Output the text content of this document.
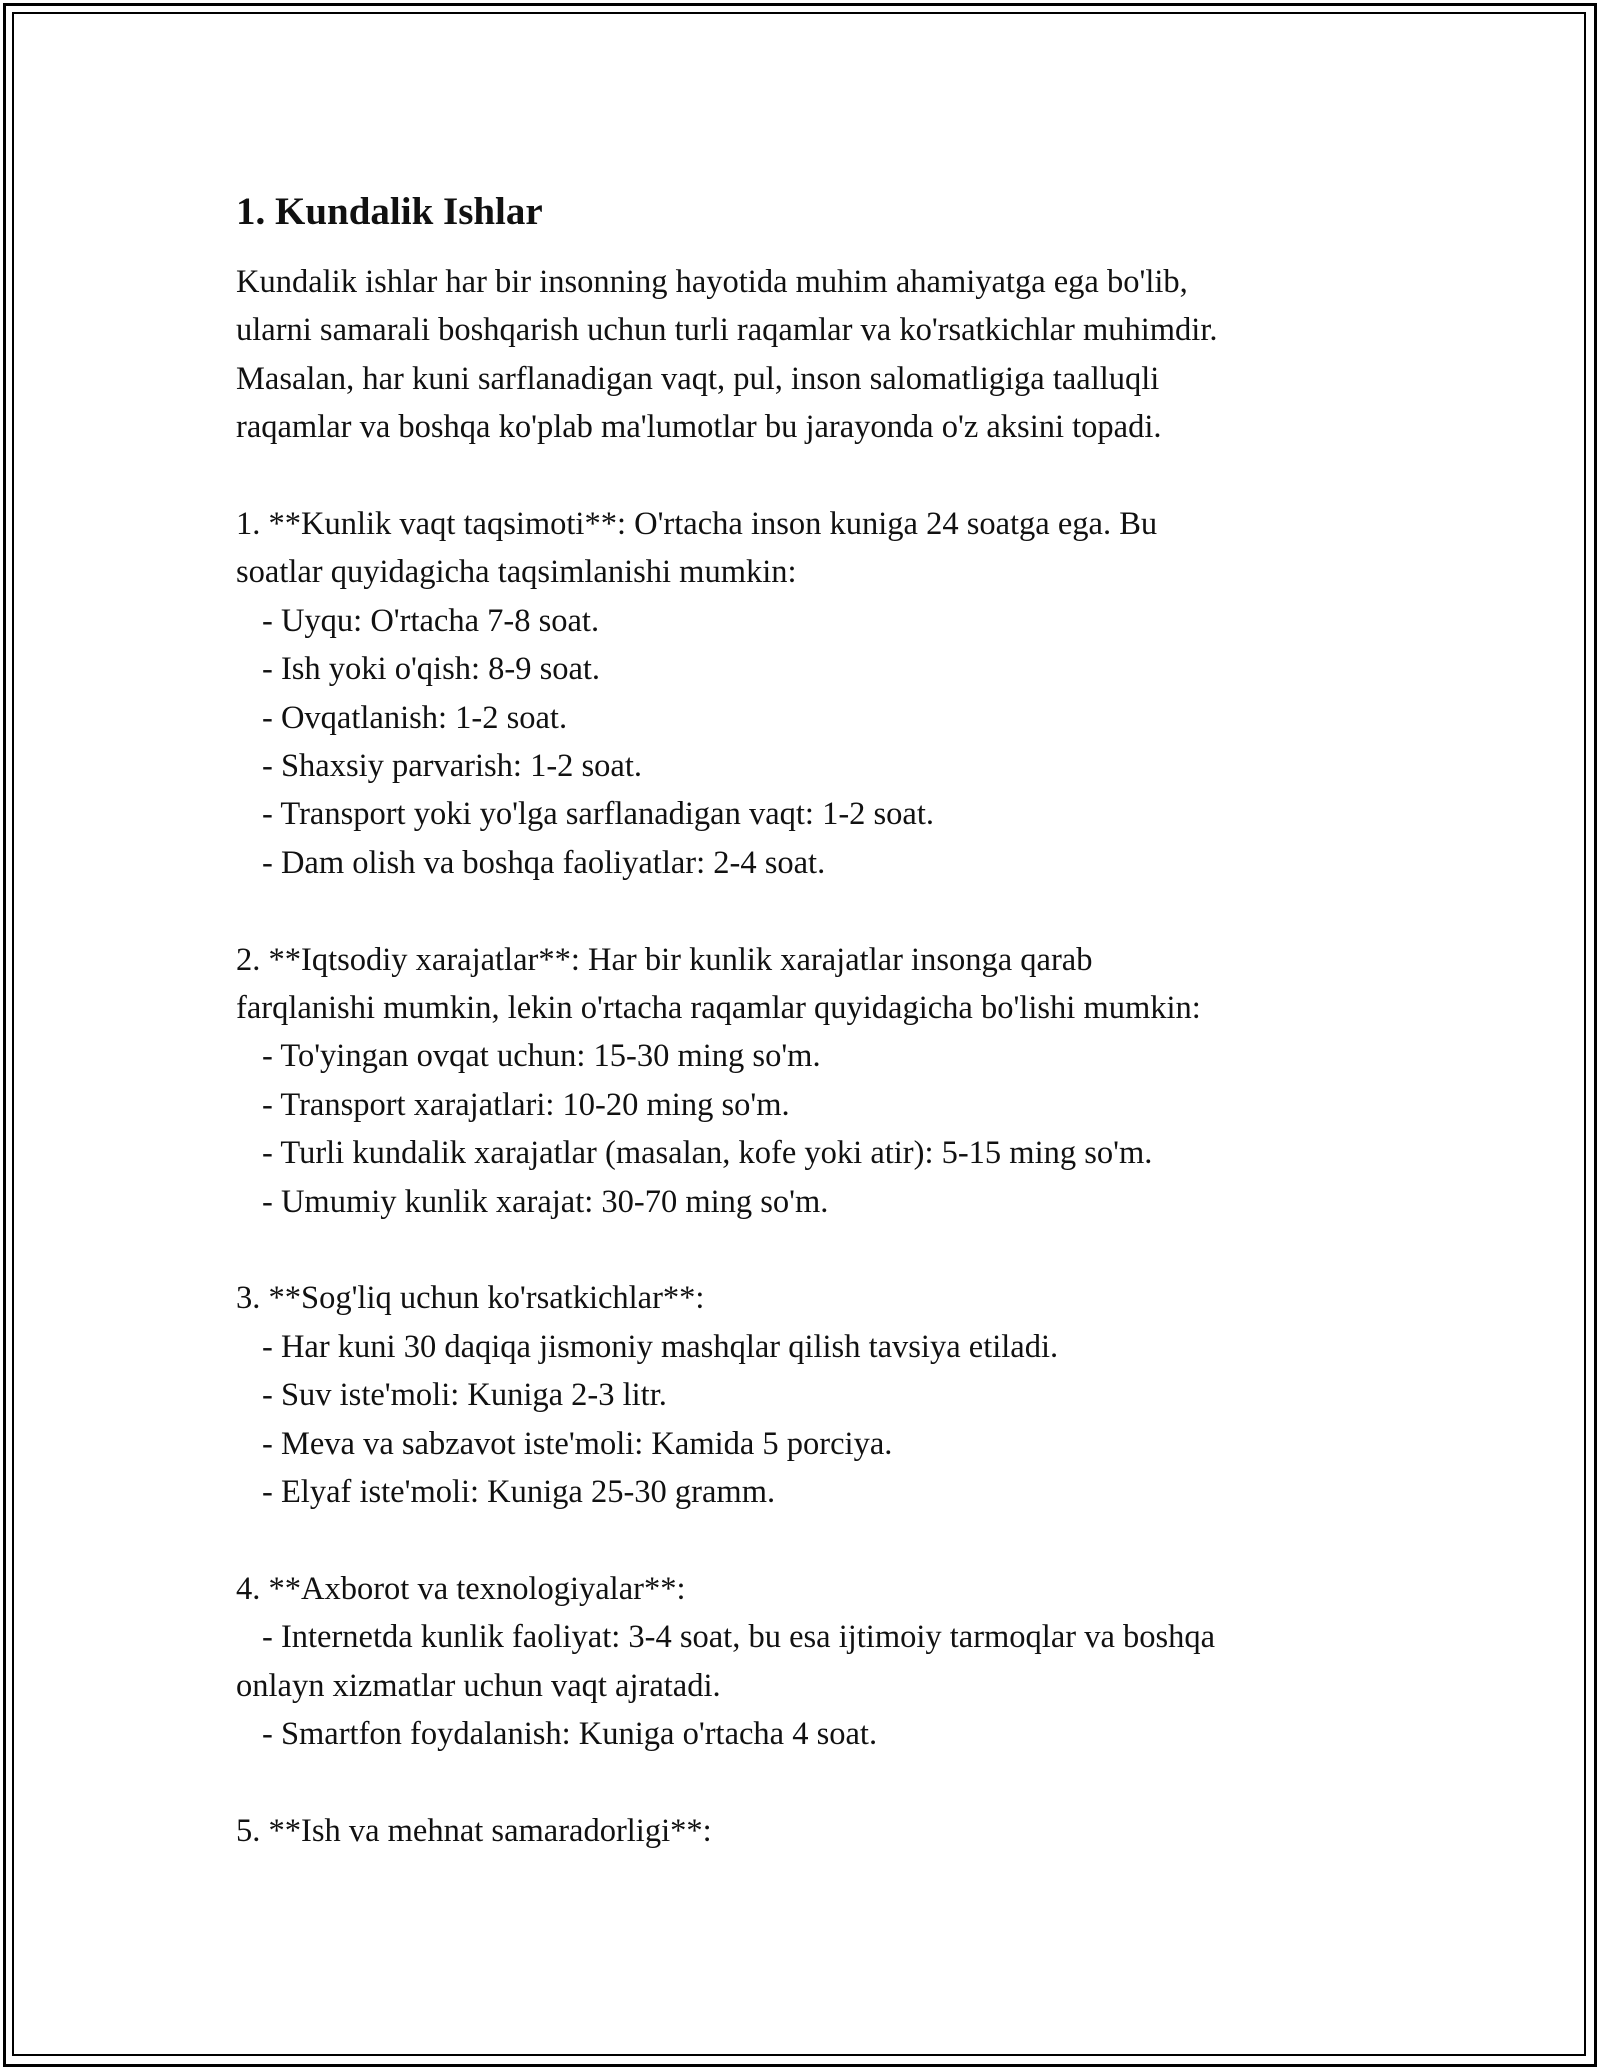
1. Kundalik Ishlar
Kundalik ishlar har bir insonning hayotida muhim ahamiyatga ega bo'lib,
ularni samarali boshqarish uchun turli raqamlar va ko'rsatkichlar muhimdir.
Masalan, har kuni sarflanadigan vaqt, pul, inson salomatligiga taalluqli
raqamlar va boshqa ko'plab ma'lumotlar bu jarayonda o'z aksini topadi.
1. **Kunlik vaqt taqsimoti**: O'rtacha inson kuniga 24 soatga ega. Bu
soatlar quyidagicha taqsimlanishi mumkin:
- Uyqu: O'rtacha 7-8 soat.
- Ish yoki o'qish: 8-9 soat.
- Ovqatlanish: 1-2 soat.
- Shaxsiy parvarish: 1-2 soat.
- Transport yoki yo'lga sarflanadigan vaqt: 1-2 soat.
- Dam olish va boshqa faoliyatlar: 2-4 soat.
2. **Iqtsodiy xarajatlar**: Har bir kunlik xarajatlar insonga qarab
farqlanishi mumkin, lekin o'rtacha raqamlar quyidagicha bo'lishi mumkin:
- To'yingan ovqat uchun: 15-30 ming so'm.
- Transport xarajatlari: 10-20 ming so'm.
- Turli kundalik xarajatlar (masalan, kofe yoki atir): 5-15 ming so'm.
- Umumiy kunlik xarajat: 30-70 ming so'm.
3. **Sog'liq uchun ko'rsatkichlar**:
- Har kuni 30 daqiqa jismoniy mashqlar qilish tavsiya etiladi.
- Suv iste'moli: Kuniga 2-3 litr.
- Meva va sabzavot iste'moli: Kamida 5 porciya.
- Elyaf iste'moli: Kuniga 25-30 gramm.
4. **Axborot va texnologiyalar**:
- Internetda kunlik faoliyat: 3-4 soat, bu esa ijtimoiy tarmoqlar va boshqa
onlayn xizmatlar uchun vaqt ajratadi.
- Smartfon foydalanish: Kuniga o'rtacha 4 soat.
5. **Ish va mehnat samaradorligi**:
